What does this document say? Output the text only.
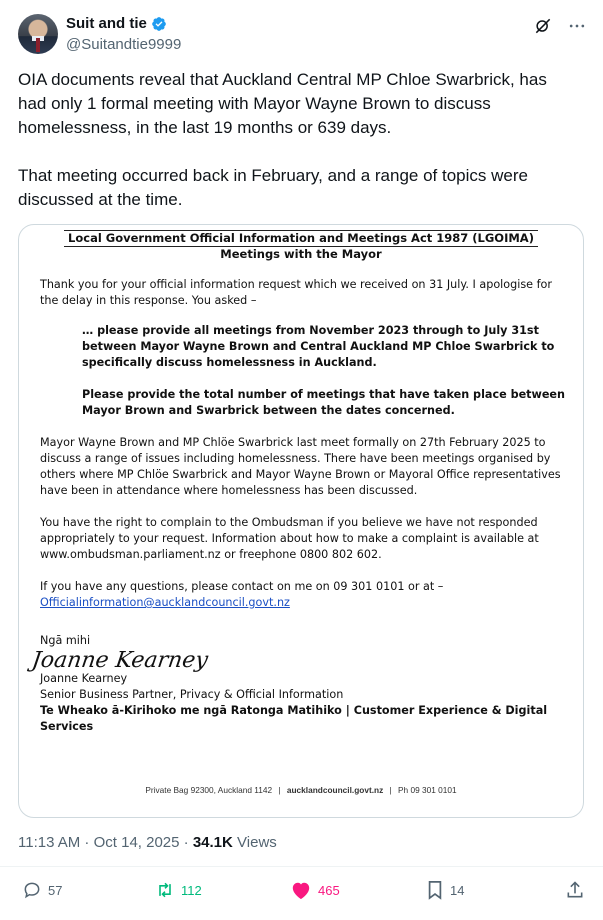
Suit and tie
@Suitandtie9999

OIA documents reveal that Auckland Central MP Chloe Swarbrick, has had only 1 formal meeting with Mayor Wayne Brown to discuss homelessness, in the last 19 months or 639 days.

That meeting occurred back in February, and a range of topics were discussed at the time.

Local Government Official Information and Meetings Act 1987 (LGOIMA)
Meetings with the Mayor

Thank you for your official information request which we received on 31 July. I apologise for the delay in this response. You asked –

… please provide all meetings from November 2023 through to July 31st between Mayor Wayne Brown and Central Auckland MP Chloe Swarbrick to specifically discuss homelessness in Auckland.

Please provide the total number of meetings that have taken place between Mayor Brown and Swarbrick between the dates concerned.

Mayor Wayne Brown and MP Chlöe Swarbrick last meet formally on 27th February 2025 to discuss a range of issues including homelessness. There have been meetings organised by others where MP Chlöe Swarbrick and Mayor Wayne Brown or Mayoral Office representatives have been in attendance where homelessness has been discussed.

You have the right to complain to the Ombudsman if you believe we have not responded appropriately to your request. Information about how to make a complaint is available at www.ombudsman.parliament.nz or freephone 0800 802 602.

If you have any questions, please contact on me on 09 301 0101 or at –
Officialinformation@aucklandcouncil.govt.nz

Ngā mihi

Joanne Kearney

Joanne Kearney

Senior Business Partner, Privacy & Official Information

Te Wheako ā-Kirihoko me ngā Ratonga Matihiko | Customer Experience & Digital Services

Private Bag 92300, Auckland 1142 | aucklandcouncil.govt.nz | Ph 09 301 0101
11:13 AM · Oct 14, 2025 · 34.1K Views
57	112	465	14
